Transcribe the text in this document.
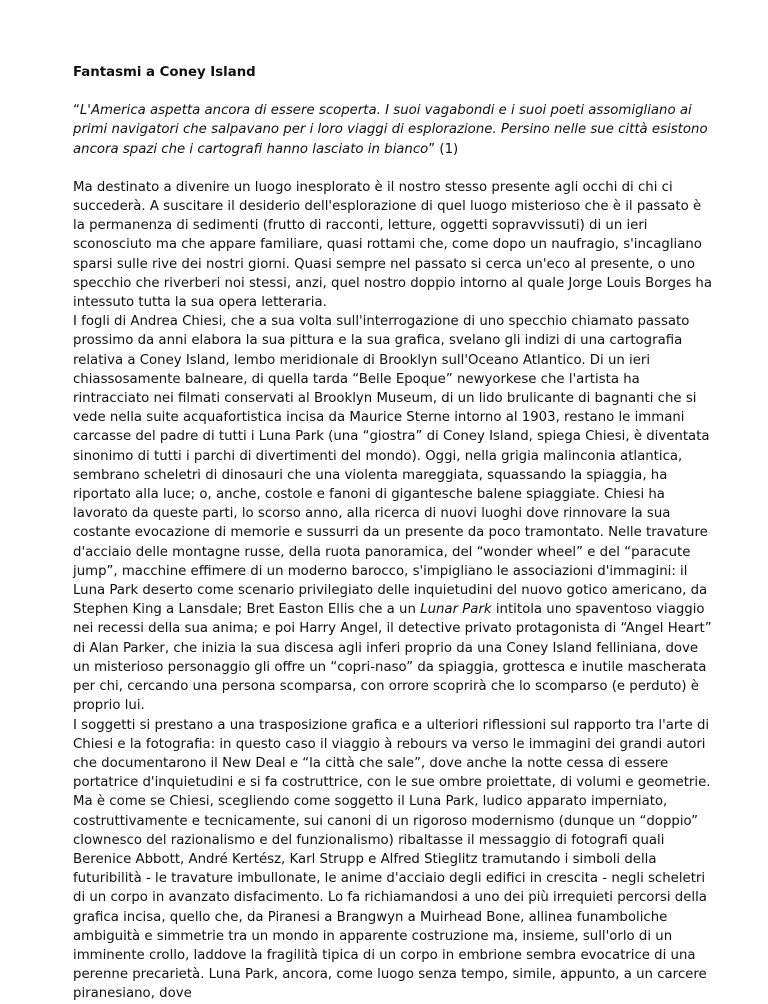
Fantasmi a Coney Island
“L'America aspetta ancora di essere scoperta. I suoi vagabondi e i suoi poeti assomigliano ai primi navigatori che salpavano per i loro viaggi di esplorazione. Persino nelle sue città esistono ancora spazi che i cartografi hanno lasciato in bianco” (1)

Ma destinato a divenire un luogo inesplorato è il nostro stesso presente agli occhi di chi ci succederà. A suscitare il desiderio dell'esplorazione di quel luogo misterioso che è il passato è la permanenza di sedimenti (frutto di racconti, letture, oggetti sopravvissuti) di un ieri sconosciuto ma che appare familiare, quasi rottami che, come dopo un naufragio, s'incagliano sparsi sulle rive dei nostri giorni. Quasi sempre nel passato si cerca un'eco al presente, o uno specchio che riverberi noi stessi, anzi, quel nostro doppio intorno al quale Jorge Louis Borges ha intessuto tutta la sua opera letteraria.

I fogli di Andrea Chiesi, che a sua volta sull'interrogazione di uno specchio chiamato passato prossimo da anni elabora la sua pittura e la sua grafica, svelano gli indizi di una cartografia relativa a Coney Island, lembo meridionale di Brooklyn sull'Oceano Atlantico. Di un ieri chiassosamente balneare, di quella tarda “Belle Epoque” newyorkese che l'artista ha rintracciato nei filmati conservati al Brooklyn Museum, di un lido brulicante di bagnanti che si vede nella suite acquafortistica incisa da Maurice Sterne intorno al 1903, restano le immani carcasse del padre di tutti i Luna Park (una “giostra” di Coney Island, spiega Chiesi, è diventata sinonimo di tutti i parchi di divertimenti del mondo). Oggi, nella grigia malinconia atlantica, sembrano scheletri di dinosauri che una violenta mareggiata, squassando la spiaggia, ha riportato alla luce; o, anche, costole e fanoni di gigantesche balene spiaggiate. Chiesi ha lavorato da queste parti, lo scorso anno, alla ricerca di nuovi luoghi dove rinnovare la sua costante evocazione di memorie e sussurri da un presente da poco tramontato. Nelle travature d'acciaio delle montagne russe, della ruota panoramica, del “wonder wheel” e del “paracute jump”, macchine effimere di un moderno barocco, s'impigliano le associazioni d'immagini: il Luna Park deserto come scenario privilegiato delle inquietudini del nuovo gotico americano, da Stephen King a Lansdale; Bret Easton Ellis che a un Lunar Park intitola uno spaventoso viaggio nei recessi della sua anima; e poi Harry Angel, il detective privato protagonista di “Angel Heart” di Alan Parker, che inizia la sua discesa agli inferi proprio da una Coney Island felliniana, dove un misterioso personaggio gli offre un “copri-naso” da spiaggia, grottesca e inutile mascherata per chi, cercando una persona scomparsa, con orrore scoprirà che lo scomparso (e perduto) è proprio lui.

I soggetti si prestano a una trasposizione grafica e a ulteriori riflessioni sul rapporto tra l'arte di Chiesi e la fotografia: in questo caso il viaggio à rebours va verso le immagini dei grandi autori che documentarono il New Deal e “la città che sale”, dove anche la notte cessa di essere portatrice d'inquietudini e si fa costruttrice, con le sue ombre proiettate, di volumi e geometrie. Ma è come se Chiesi, scegliendo come soggetto il Luna Park, ludico apparato imperniato, costruttivamente e tecnicamente, sui canoni di un rigoroso modernismo (dunque un “doppio” clownesco del razionalismo e del funzionalismo) ribaltasse il messaggio di fotografi quali Berenice Abbott, André Kertész, Karl Strupp e Alfred Stieglitz tramutando i simboli della futuribilità - le travature imbullonate, le anime d'acciaio degli edifici in crescita - negli scheletri di un corpo in avanzato disfacimento. Lo fa richiamandosi a uno dei più irrequieti percorsi della grafica incisa, quello che, da Piranesi a Brangwyn a Muirhead Bone, allinea funamboliche ambiguità e simmetrie tra un mondo in apparente costruzione ma, insieme, sull'orlo di un imminente crollo, laddove la fragilità tipica di un corpo in embrione sembra evocatrice di una perenne precarietà. Luna Park, ancora, come luogo senza tempo, simile, appunto, a un carcere piranesiano, dove
